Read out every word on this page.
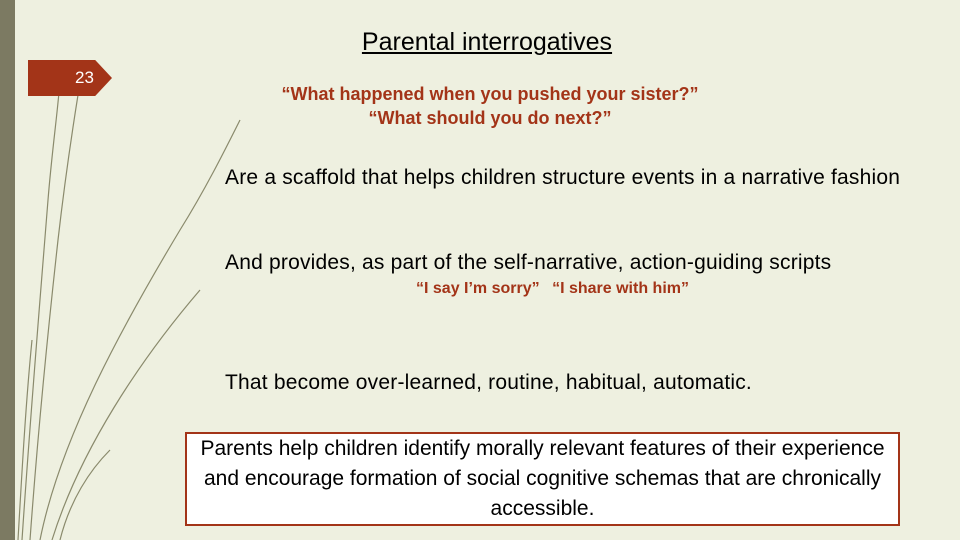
23
Parental interrogatives
“What happened when you pushed your sister?”
“What should you do next?”
Are a scaffold that helps children structure events in a narrative fashion
And provides, as part of the self-narrative, action-guiding scripts
“I say I’m sorry” “I share with him”
That become over-learned, routine, habitual, automatic.
Parents help children identify morally relevant features of their experience and encourage formation of social cognitive schemas that are chronically accessible.
